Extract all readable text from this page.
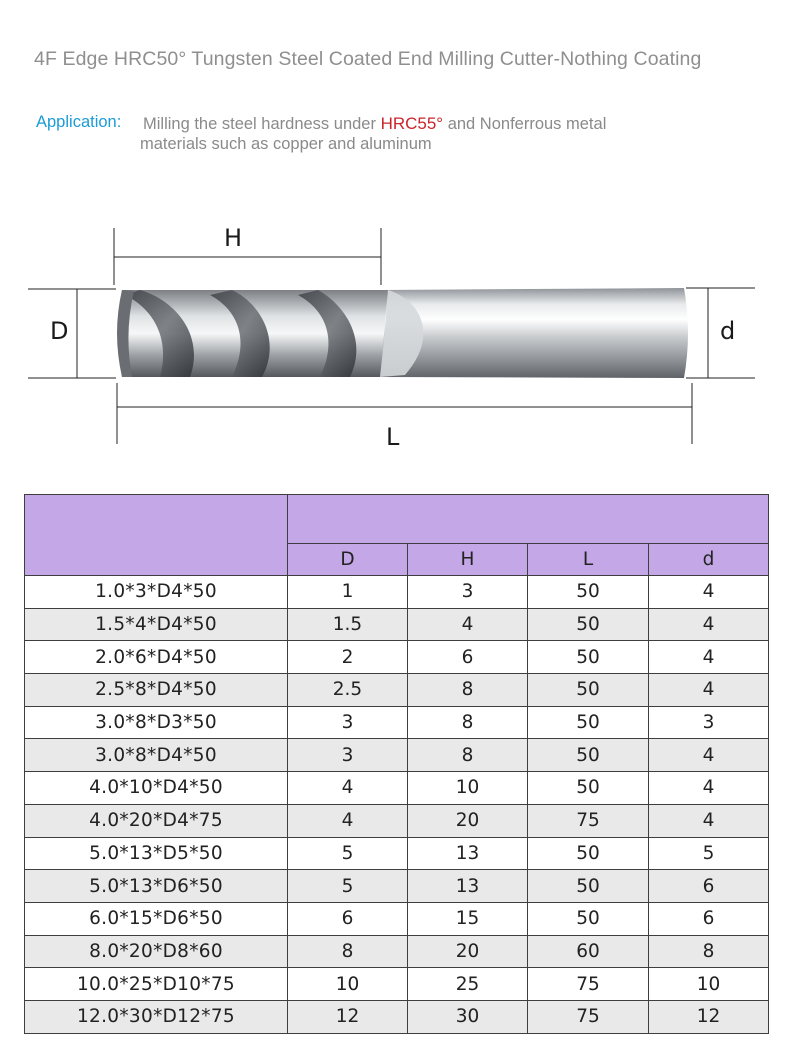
4F Edge HRC50° Tungsten Steel Coated End Milling Cutter-Nothing Coating
Application: Milling the steel hardness under HRC55° and Nonferrous metal
materials such as copper and aluminum
H
D	d
L

	D	H	L	d
1.0*3*D4*50	1	3	50	4
1.5*4*D4*50	1.5	4	50	4
2.0*6*D4*50	2	6	50	4
2.5*8*D4*50	2.5	8	50	4
3.0*8*D3*50	3	8	50	3
3.0*8*D4*50	3	8	50	4
4.0*10*D4*50	4	10	50	4
4.0*20*D4*75	4	20	75	4
5.0*13*D5*50	5	13	50	5
5.0*13*D6*50	5	13	50	6
6.0*15*D6*50	6	15	50	6
8.0*20*D8*60	8	20	60	8
10.0*25*D10*75	10	25	75	10
12.0*30*D12*75	12	30	75	12
